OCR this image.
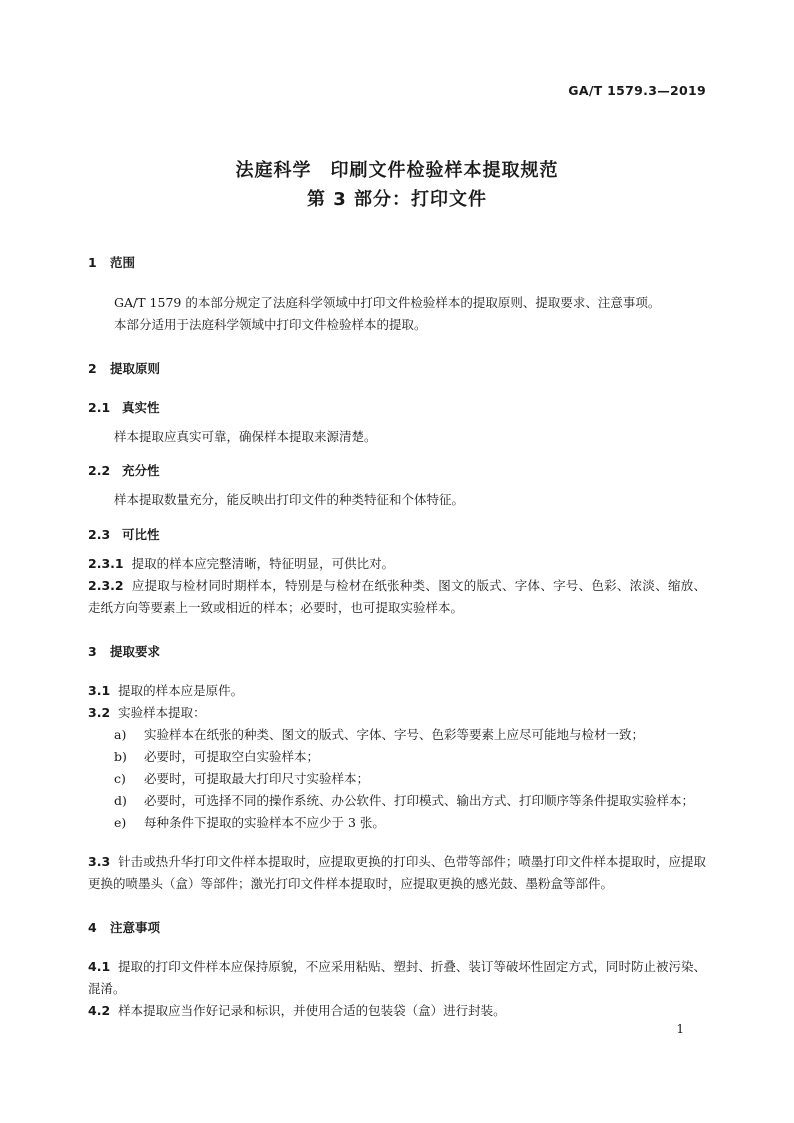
GA/T 1579.3—2019
法庭科学　印刷文件检验样本提取规范
第 3 部分：打印文件
1 范围
GA/T 1579 的本部分规定了法庭科学领域中打印文件检验样本的提取原则、提取要求、注意事项。
本部分适用于法庭科学领域中打印文件检验样本的提取。
2 提取原则
2.1 真实性
样本提取应真实可靠，确保样本提取来源清楚。
2.2 充分性
样本提取数量充分，能反映出打印文件的种类特征和个体特征。
2.3 可比性
2.3.1 提取的样本应完整清晰，特征明显，可供比对。
2.3.2 应提取与检材同时期样本，特别是与检材在纸张种类、图文的版式、字体、字号、色彩、浓淡、缩放、走纸方向等要素上一致或相近的样本；必要时，也可提取实验样本。
3 提取要求
3.1 提取的样本应是原件。
3.2 实验样本提取：
a)	实验样本在纸张的种类、图文的版式、字体、字号、色彩等要素上应尽可能地与检材一致；
b)	必要时，可提取空白实验样本；
c)	必要时，可提取最大打印尺寸实验样本；
d)	必要时，可选择不同的操作系统、办公软件、打印模式、输出方式、打印顺序等条件提取实验样本；
e)	每种条件下提取的实验样本不应少于 3 张。
3.3 针击或热升华打印文件样本提取时，应提取更换的打印头、色带等部件；喷墨打印文件样本提取时，应提取更换的喷墨头（盒）等部件；激光打印文件样本提取时，应提取更换的感光鼓、墨粉盒等部件。
4 注意事项
4.1 提取的打印文件样本应保持原貌，不应采用粘贴、塑封、折叠、装订等破坏性固定方式，同时防止被污染、混淆。
4.2 样本提取应当作好记录和标识，并使用合适的包装袋（盒）进行封装。
1
